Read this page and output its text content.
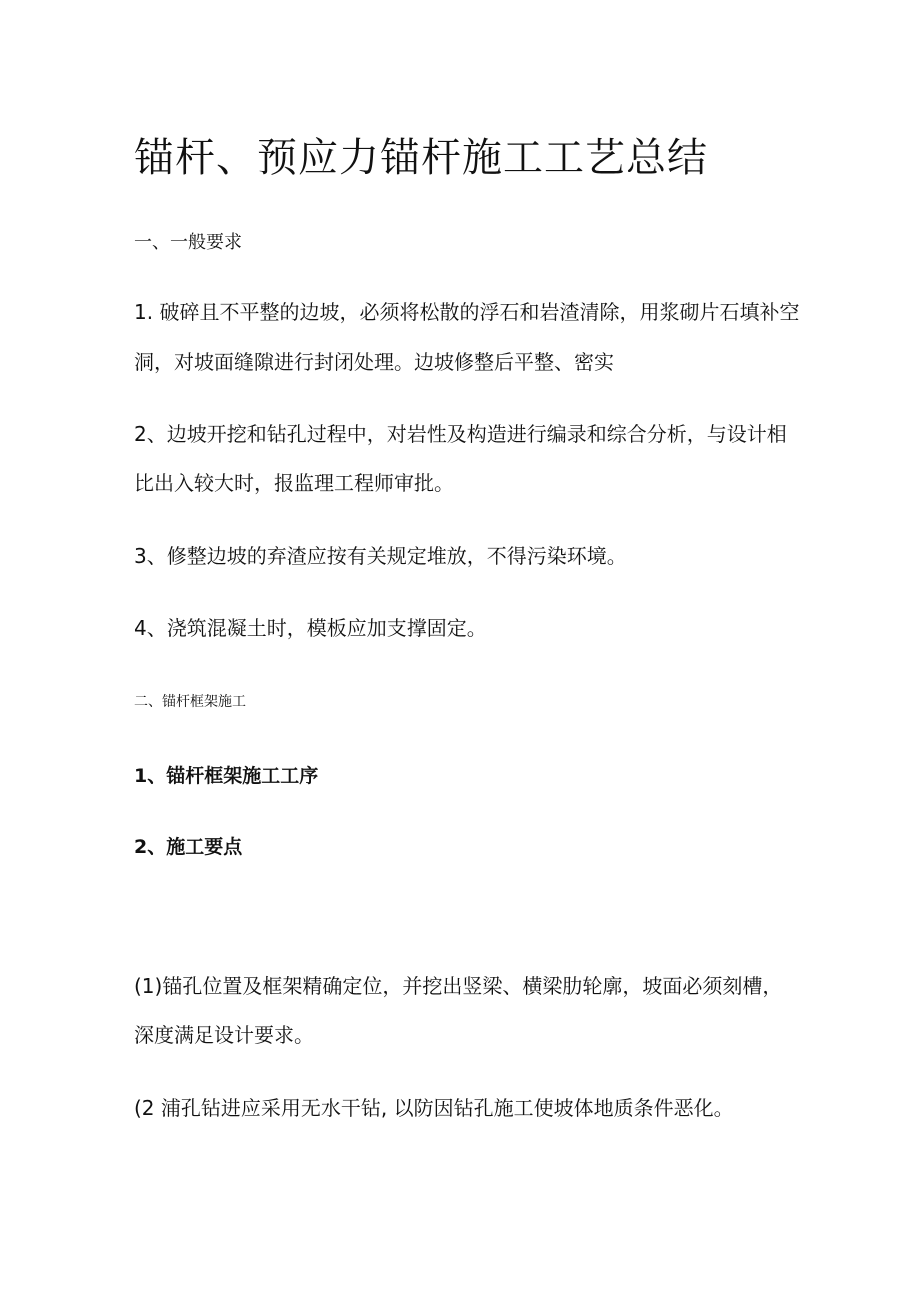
锚杆、预应力锚杆施工工艺总结

一、一般要求

1. 破碎且不平整的边坡，必须将松散的浮石和岩渣清除，用浆砌片石填补空

洞，对坡面缝隙进行封闭处理。边坡修整后平整、密实

2、边坡开挖和钻孔过程中，对岩性及构造进行编录和综合分析，与设计相

比出入较大时，报监理工程师审批。

3、修整边坡的弃渣应按有关规定堆放，不得污染环境。

4、浇筑混凝土时，模板应加支撑固定。

二、锚杆框架施工

1、锚杆框架施工工序

2、施工要点

(1)锚孔位置及框架精确定位，并挖出竖梁、横梁肋轮廓，坡面必须刻槽，

深度满足设计要求。

(2 浦孔钻进应采用无水干钻, 以防因钻孔施工使坡体地质条件恶化。
